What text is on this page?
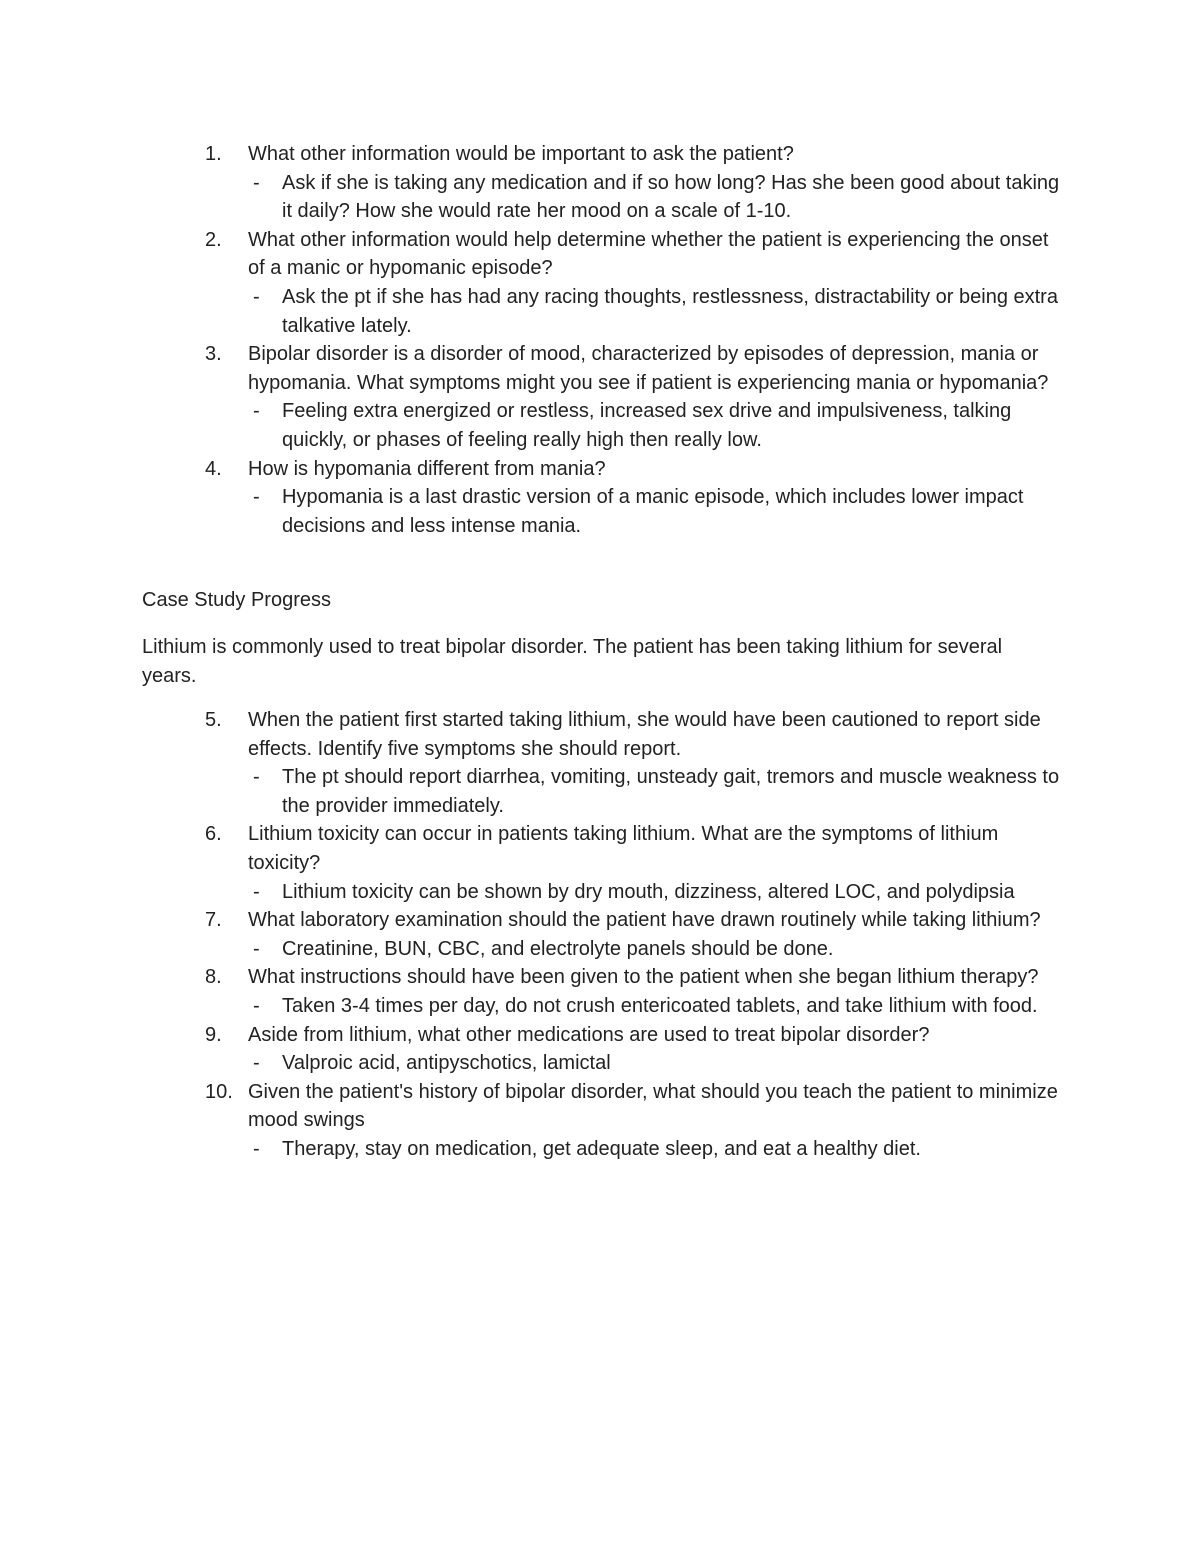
1.	What other information would be important to ask the patient?
- Ask if she is taking any medication and if so how long? Has she been good about taking it daily? How she would rate her mood on a scale of 1-10.
2.	What other information would help determine whether the patient is experiencing the onset of a manic or hypomanic episode?
- Ask the pt if she has had any racing thoughts, restlessness, distractability or being extra talkative lately.
3.	Bipolar disorder is a disorder of mood, characterized by episodes of depression, mania or hypomania. What symptoms might you see if patient is experiencing mania or hypomania?
- Feeling extra energized or restless, increased sex drive and impulsiveness, talking quickly, or phases of feeling really high then really low.
4.	How is hypomania different from mania?
- Hypomania is a last drastic version of a manic episode, which includes lower impact decisions and less intense mania.

Case Study Progress

Lithium is commonly used to treat bipolar disorder. The patient has been taking lithium for several years.

5.	When the patient first started taking lithium, she would have been cautioned to report side effects. Identify five symptoms she should report.
- The pt should report diarrhea, vomiting, unsteady gait, tremors and muscle weakness to the provider immediately.
6.	Lithium toxicity can occur in patients taking lithium. What are the symptoms of lithium toxicity?
- Lithium toxicity can be shown by dry mouth, dizziness, altered LOC, and polydipsia
7.	What laboratory examination should the patient have drawn routinely while taking lithium?
- Creatinine, BUN, CBC, and electrolyte panels should be done.
8.	What instructions should have been given to the patient when she began lithium therapy?
- Taken 3-4 times per day, do not crush entericoated tablets, and take lithium with food.
9.	Aside from lithium, what other medications are used to treat bipolar disorder?
- Valproic acid, antipyschotics, lamictal
10. Given the patient's history of bipolar disorder, what should you teach the patient to minimize mood swings
- Therapy, stay on medication, get adequate sleep, and eat a healthy diet.
